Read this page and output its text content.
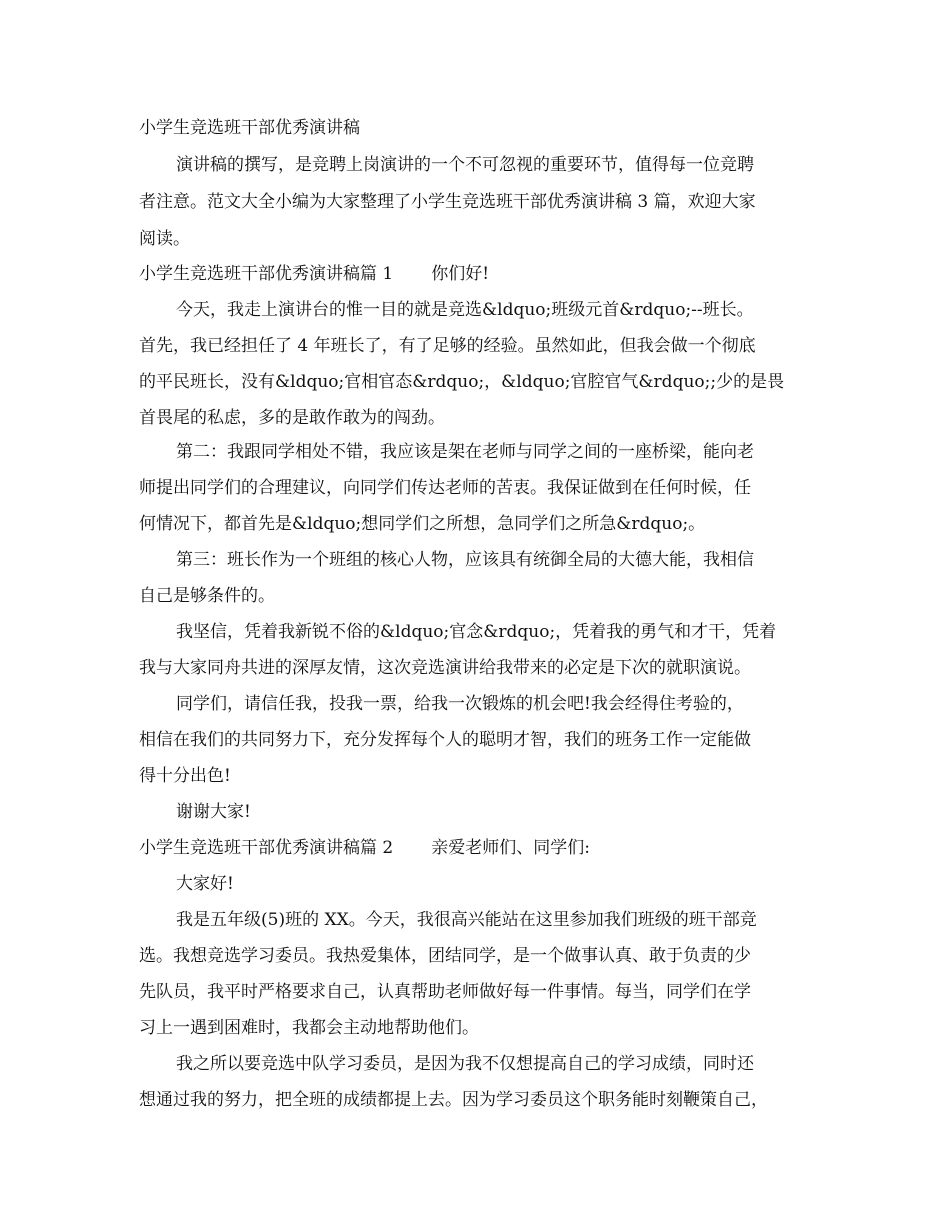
小学生竞选班干部优秀演讲稿
演讲稿的撰写，是竞聘上岗演讲的一个不可忽视的重要环节，值得每一位竞聘
者注意。范文大全小编为大家整理了小学生竞选班干部优秀演讲稿 3 篇，欢迎大家
阅读。
小学生竞选班干部优秀演讲稿篇 1 你们好!
今天，我走上演讲台的惟一目的就是竞选&ldquo;班级元首&rdquo;--班长。
首先，我已经担任了 4 年班长了，有了足够的经验。虽然如此，但我会做一个彻底
的平民班长，没有&ldquo;官相官态&rdquo;，&ldquo;官腔官气&rdquo;;少的是畏
首畏尾的私虑，多的是敢作敢为的闯劲。
第二：我跟同学相处不错，我应该是架在老师与同学之间的一座桥梁，能向老
师提出同学们的合理建议，向同学们传达老师的苦衷。我保证做到在任何时候，任
何情况下，都首先是&ldquo;想同学们之所想，急同学们之所急&rdquo;。
第三：班长作为一个班组的核心人物，应该具有统御全局的大德大能，我相信
自己是够条件的。
我坚信，凭着我新锐不俗的&ldquo;官念&rdquo;，凭着我的勇气和才干，凭着
我与大家同舟共进的深厚友情，这次竞选演讲给我带来的必定是下次的就职演说。
同学们，请信任我，投我一票，给我一次锻炼的机会吧!我会经得住考验的，
相信在我们的共同努力下，充分发挥每个人的聪明才智，我们的班务工作一定能做
得十分出色!
谢谢大家!
小学生竞选班干部优秀演讲稿篇 2 亲爱老师们、同学们:
大家好!
我是五年级(5)班的 XX。今天，我很高兴能站在这里参加我们班级的班干部竞
选。我想竞选学习委员。我热爱集体，团结同学，是一个做事认真、敢于负责的少
先队员，我平时严格要求自己，认真帮助老师做好每一件事情。每当，同学们在学
习上一遇到困难时，我都会主动地帮助他们。
我之所以要竞选中队学习委员，是因为我不仅想提高自己的学习成绩，同时还
想通过我的努力，把全班的成绩都提上去。因为学习委员这个职务能时刻鞭策自己，
